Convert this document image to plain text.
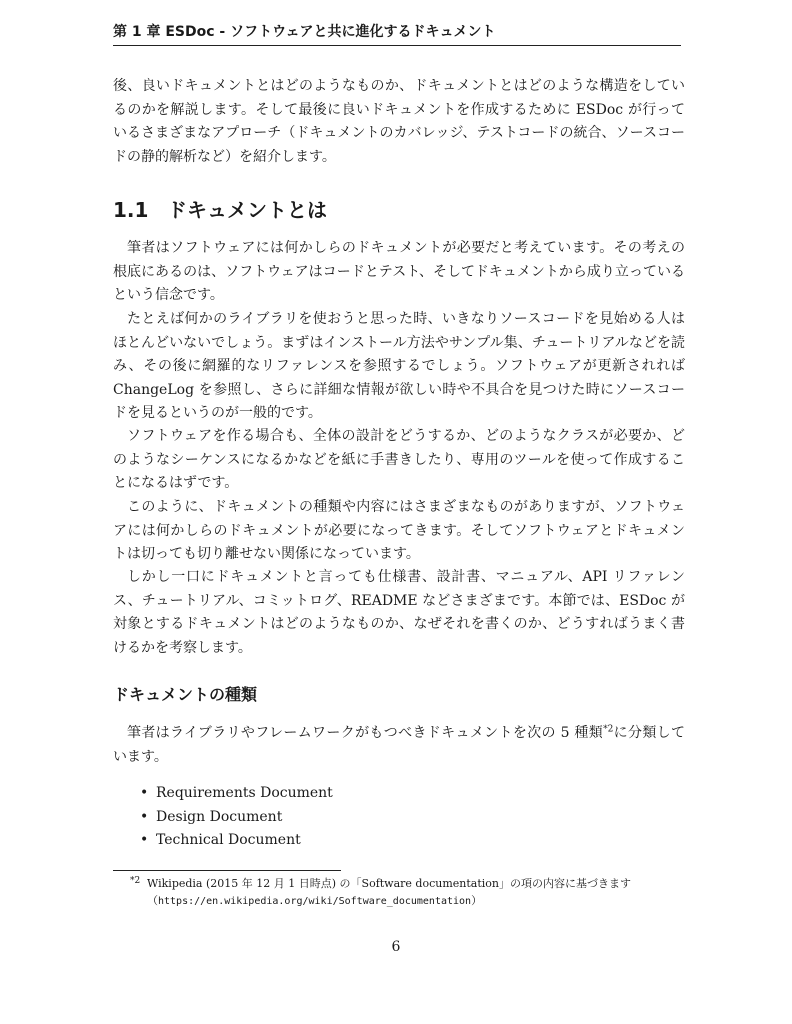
第 1 章 ESDoc - ソフトウェアと共に進化するドキュメント

後、良いドキュメントとはどのようなものか、ドキュメントとはどのような構造をしているのかを解説します。そして最後に良いドキュメントを作成するために ESDoc が行っているさまざまなアプローチ（ドキュメントのカバレッジ、テストコードの統合、ソースコードの静的解析など）を紹介します。

1.1 ドキュメントとは

筆者はソフトウェアには何かしらのドキュメントが必要だと考えています。その考えの根底にあるのは、ソフトウェアはコードとテスト、そしてドキュメントから成り立っているという信念です。

たとえば何かのライブラリを使おうと思った時、いきなりソースコードを見始める人はほとんどいないでしょう。まずはインストール方法やサンプル集、チュートリアルなどを読み、その後に網羅的なリファレンスを参照するでしょう。ソフトウェアが更新されれば ChangeLog を参照し、さらに詳細な情報が欲しい時や不具合を見つけた時にソースコードを見るというのが一般的です。

ソフトウェアを作る場合も、全体の設計をどうするか、どのようなクラスが必要か、どのようなシーケンスになるかなどを紙に手書きしたり、専用のツールを使って作成することになるはずです。

このように、ドキュメントの種類や内容にはさまざまなものがありますが、ソフトウェアには何かしらのドキュメントが必要になってきます。そしてソフトウェアとドキュメントは切っても切り離せない関係になっています。

しかし一口にドキュメントと言っても仕様書、設計書、マニュアル、API リファレンス、チュートリアル、コミットログ、README などさまざまです。本節では、ESDoc が対象とするドキュメントはどのようなものか、なぜそれを書くのか、どうすればうまく書けるかを考察します。

ドキュメントの種類

筆者はライブラリやフレームワークがもつべきドキュメントを次の 5 種類$^{*2}$に分類しています。

• Requirements Document
• Design Document
• Technical Document

*2 Wikipedia (2015 年 12 月 1 日時点) の「Software documentation」の項の内容に基づきます（https://en.wikipedia.org/wiki/Software_documentation）

6
